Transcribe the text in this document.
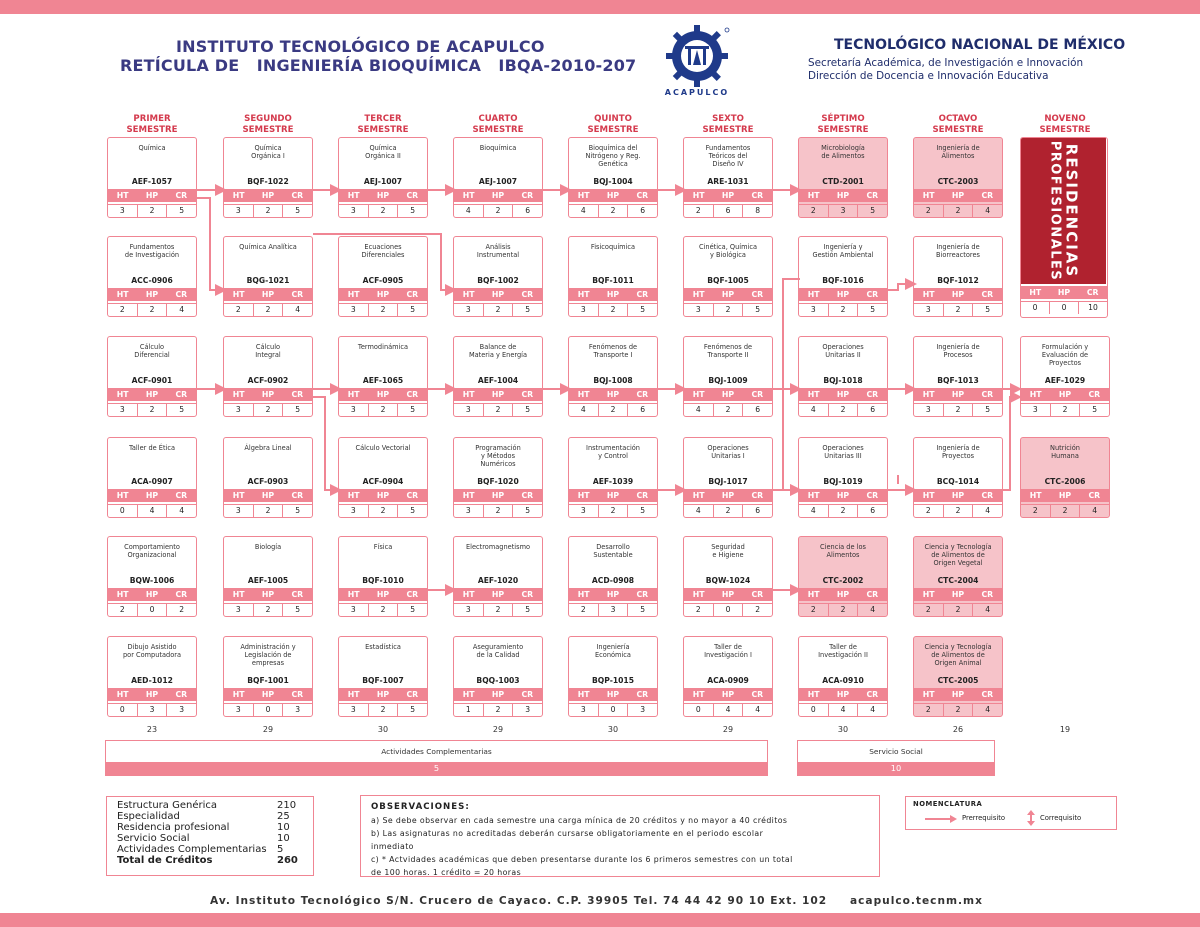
INSTITUTO TECNOLÓGICO DE ACAPULCO
RETÍCULA DE   INGENIERÍA BIOQUÍMICA   IBQA-2010-207
ACAPULCO
TECNOLÓGICO NACIONAL DE MÉXICO
Secretaría Académica, de Investigación e Innovación
Dirección de Docencia e Innovación Educativa
PRIMER
SEMESTRE
SEGUNDO
SEMESTRE
TERCER
SEMESTRE
CUARTO
SEMESTRE
QUINTO
SEMESTRE
SEXTO
SEMESTRE
SÉPTIMO
SEMESTRE
OCTAVO
SEMESTRE
NOVENO
SEMESTRE
Química
AEF-1057
HT	HP	CR
3	2	5
Fundamentos
de Investigación
ACC-0906
HT	HP	CR
2	2	4
Cálculo
Diferencial
ACF-0901
HT	HP	CR
3	2	5
Taller de Ética
ACA-0907
HT	HP	CR
0	4	4
Comportamiento
Organizacional
BQW-1006
HT	HP	CR
2	0	2
Dibujo Asistido
por Computadora
AED-1012
HT	HP	CR
0	3	3
Química
Orgánica I
BQF-1022
HT	HP	CR
3	2	5
Química Analítica
BQG-1021
HT	HP	CR
2	2	4
Cálculo
Integral
ACF-0902
HT	HP	CR
3	2	5
Álgebra Lineal
ACF-0903
HT	HP	CR
3	2	5
Biología
AEF-1005
HT	HP	CR
3	2	5
Administración y
Legislación de
empresas
BQF-1001
HT	HP	CR
3	0	3
Química
Orgánica II
AEJ-1007
HT	HP	CR
3	2	5
Ecuaciones
Diferenciales
ACF-0905
HT	HP	CR
3	2	5
Termodinámica
AEF-1065
HT	HP	CR
3	2	5
Cálculo Vectorial
ACF-0904
HT	HP	CR
3	2	5
Física
BQF-1010
HT	HP	CR
3	2	5
Estadística
BQF-1007
HT	HP	CR
3	2	5
Bioquímica
AEJ-1007
HT	HP	CR
4	2	6
Análisis
Instrumental
BQF-1002
HT	HP	CR
3	2	5
Balance de
Materia y Energía
AEF-1004
HT	HP	CR
3	2	5
Programación
y Métodos
Numéricos
BQF-1020
HT	HP	CR
3	2	5
Electromagnetismo
AEF-1020
HT	HP	CR
3	2	5
Aseguramiento
de la Calidad
BQQ-1003
HT	HP	CR
1	2	3
Bioquímica del
Nitrógeno y Reg.
Genética
BQJ-1004
HT	HP	CR
4	2	6
Fisicoquímica
BQF-1011
HT	HP	CR
3	2	5
Fenómenos de
Transporte I
BQJ-1008
HT	HP	CR
4	2	6
Instrumentación
y Control
AEF-1039
HT	HP	CR
3	2	5
Desarrollo
Sustentable
ACD-0908
HT	HP	CR
2	3	5
Ingeniería
Económica
BQP-1015
HT	HP	CR
3	0	3
Fundamentos
Teóricos del
Diseño IV
ARE-1031
HT	HP	CR
2	6	8
Cinética, Química
y Biológica
BQF-1005
HT	HP	CR
3	2	5
Fenómenos de
Transporte II
BQJ-1009
HT	HP	CR
4	2	6
Operaciones
Unitarias I
BQJ-1017
HT	HP	CR
4	2	6
Seguridad
e Higiene
BQW-1024
HT	HP	CR
2	0	2
Taller de
Investigación I
ACA-0909
HT	HP	CR
0	4	4
Microbiología
de Alimentos
CTD-2001
HT	HP	CR
2	3	5
Ingeniería y
Gestión Ambiental
BQF-1016
HT	HP	CR
3	2	5
Operaciones
Unitarias II
BQJ-1018
HT	HP	CR
4	2	6
Operaciones
Unitarias III
BQJ-1019
HT	HP	CR
4	2	6
Ciencia de los
Alimentos
CTC-2002
HT	HP	CR
2	2	4
Taller de
Investigación II
ACA-0910
HT	HP	CR
0	4	4
Ingeniería de
Alimentos
CTC-2003
HT	HP	CR
2	2	4
Ingeniería de
Biorreactores
BQF-1012
HT	HP	CR
3	2	5
Ingeniería de
Procesos
BQF-1013
HT	HP	CR
3	2	5
Ingeniería de
Proyectos
BCQ-1014
HT	HP	CR
2	2	4
Ciencia y Tecnología
de Alimentos de
Origen Vegetal
CTC-2004
HT	HP	CR
2	2	4
Ciencia y Tecnología
de Alimentos de
Origen Animal
CTC-2005
HT	HP	CR
2	2	4
Formulación y
Evaluación de
Proyectos
AEF-1029
HT	HP	CR
3	2	5
Nutrición
Humana
CTC-2006
HT	HP	CR
2	2	4
RESIDENCIAS
PROFESIONALES
HT	HP	CR
0	0	10
23	29	30	29	30	29	30	26	19
Actividades Complementarias
5
Servicio Social
10
Estructura Genérica	210
Especialidad	25
Residencia profesional	10
Servicio Social	10
Actividades Complementarias 5
Total de Créditos	260
OBSERVACIONES:
a) Se debe observar en cada semestre una carga mínica de 20 créditos y no mayor a 40 créditos
b) Las asignaturas no acreditadas deberán cursarse obligatoriamente en el periodo escolar
inmediato
c) * Actvidades académicas que deben presentarse durante los 6 primeros semestres con un total
de 100 horas. 1 crédito = 20 horas
NOMENCLATURA
Prerrequisito	Correquisito
Av. Instituto Tecnológico S/N. Crucero de Cayaco. C.P. 39905 Tel. 74 44 42 90 10 Ext. 102 acapulco.tecnm.mx
